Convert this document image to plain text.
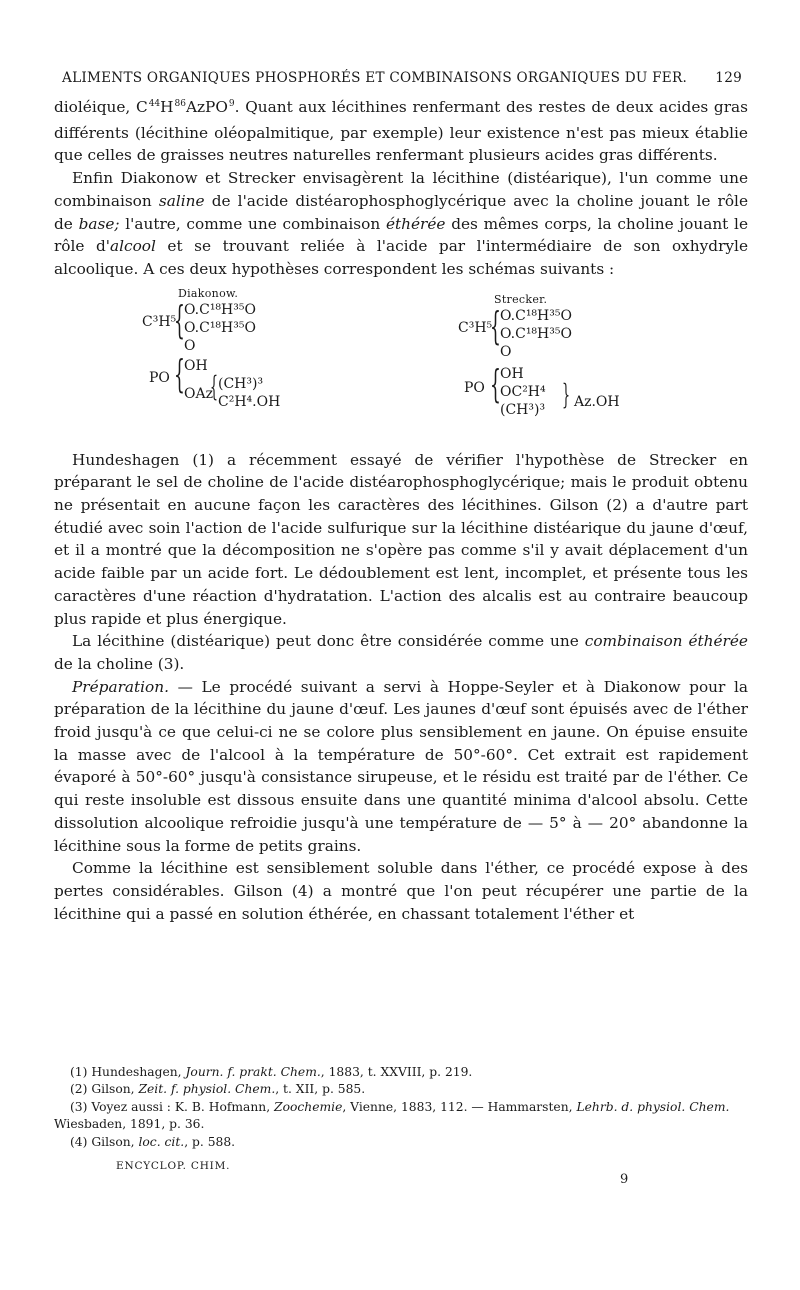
ALIMENTS ORGANIQUES PHOSPHORÉS ET COMBINAISONS ORGANIQUES DU FER. 129

dioléique, $C^{44}H^{86}AzPO^9$. Quant aux lécithines renfermant des restes de deux acides gras différents (lécithine oléopalmitique, par exemple) leur existence n'est pas mieux établie que celles de graisses neutres naturelles renfermant plusieurs acides gras différents.

Enfin Diakonow et Strecker envisagèrent la lécithine (distéarique), l'un comme une combinaison saline de l'acide distéarophosphoglycérique avec la choline jouant le rôle de base; l'autre, comme une combinaison éthérée des mêmes corps, la choline jouant le rôle d'alcool et se trouvant reliée à l'acide par l'intermédiaire de son oxhydryle alcoolique. A ces deux hypothèses correspondent les schémas suivants :

Diakonow.
C³H⁵
{ O.C¹⁸H³⁵O
O.C¹⁸H³⁵O
O
PO { OH
OAz
{ (CH³)³
C²H⁴.OH
Strecker.
C³H⁵
{ O.C¹⁸H³⁵O
O.C¹⁸H³⁵O
O
PO { OH
OC²H⁴
(CH³)³ } Az.OH

Hundeshagen (1) a récemment essayé de vérifier l'hypothèse de Strecker en préparant le sel de choline de l'acide distéarophosphoglycérique; mais le produit obtenu ne présentait en aucune façon les caractères des lécithines. Gilson (2) a d'autre part étudié avec soin l'action de l'acide sulfurique sur la lécithine distéarique du jaune d'œuf, et il a montré que la décomposition ne s'opère pas comme s'il y avait déplacement d'un acide faible par un acide fort. Le dédoublement est lent, incomplet, et présente tous les caractères d'une réaction d'hydratation. L'action des alcalis est au contraire beaucoup plus rapide et plus énergique.

La lécithine (distéarique) peut donc être considérée comme une combinaison éthérée de la choline (3).

Préparation. — Le procédé suivant a servi à Hoppe-Seyler et à Diakonow pour la préparation de la lécithine du jaune d'œuf. Les jaunes d'œuf sont épuisés avec de l'éther froid jusqu'à ce que celui-ci ne se colore plus sensiblement en jaune. On épuise ensuite la masse avec de l'alcool à la température de 50°-60°. Cet extrait est rapidement évaporé à 50°-60° jusqu'à consistance sirupeuse, et le résidu est traité par de l'éther. Ce qui reste insoluble est dissous ensuite dans une quantité minima d'alcool absolu. Cette dissolution alcoolique refroidie jusqu'à une température de — 5° à — 20° abandonne la lécithine sous la forme de petits grains.

Comme la lécithine est sensiblement soluble dans l'éther, ce procédé expose à des pertes considérables. Gilson (4) a montré que l'on peut récupérer une partie de la lécithine qui a passé en solution éthérée, en chassant totalement l'éther et

(1) Hundeshagen, Journ. f. prakt. Chem., 1883, t. XXVIII, p. 219.

(2) Gilson, Zeit. f. physiol. Chem., t. XII, p. 585.

(3) Voyez aussi : K. B. Hofmann, Zoochemie, Vienne, 1883, 112. — Hammarsten, Lehrb. d. physiol. Chem. Wiesbaden, 1891, p. 36.

(4) Gilson, loc. cit., p. 588.

ENCYCLOP. CHIM.
9
